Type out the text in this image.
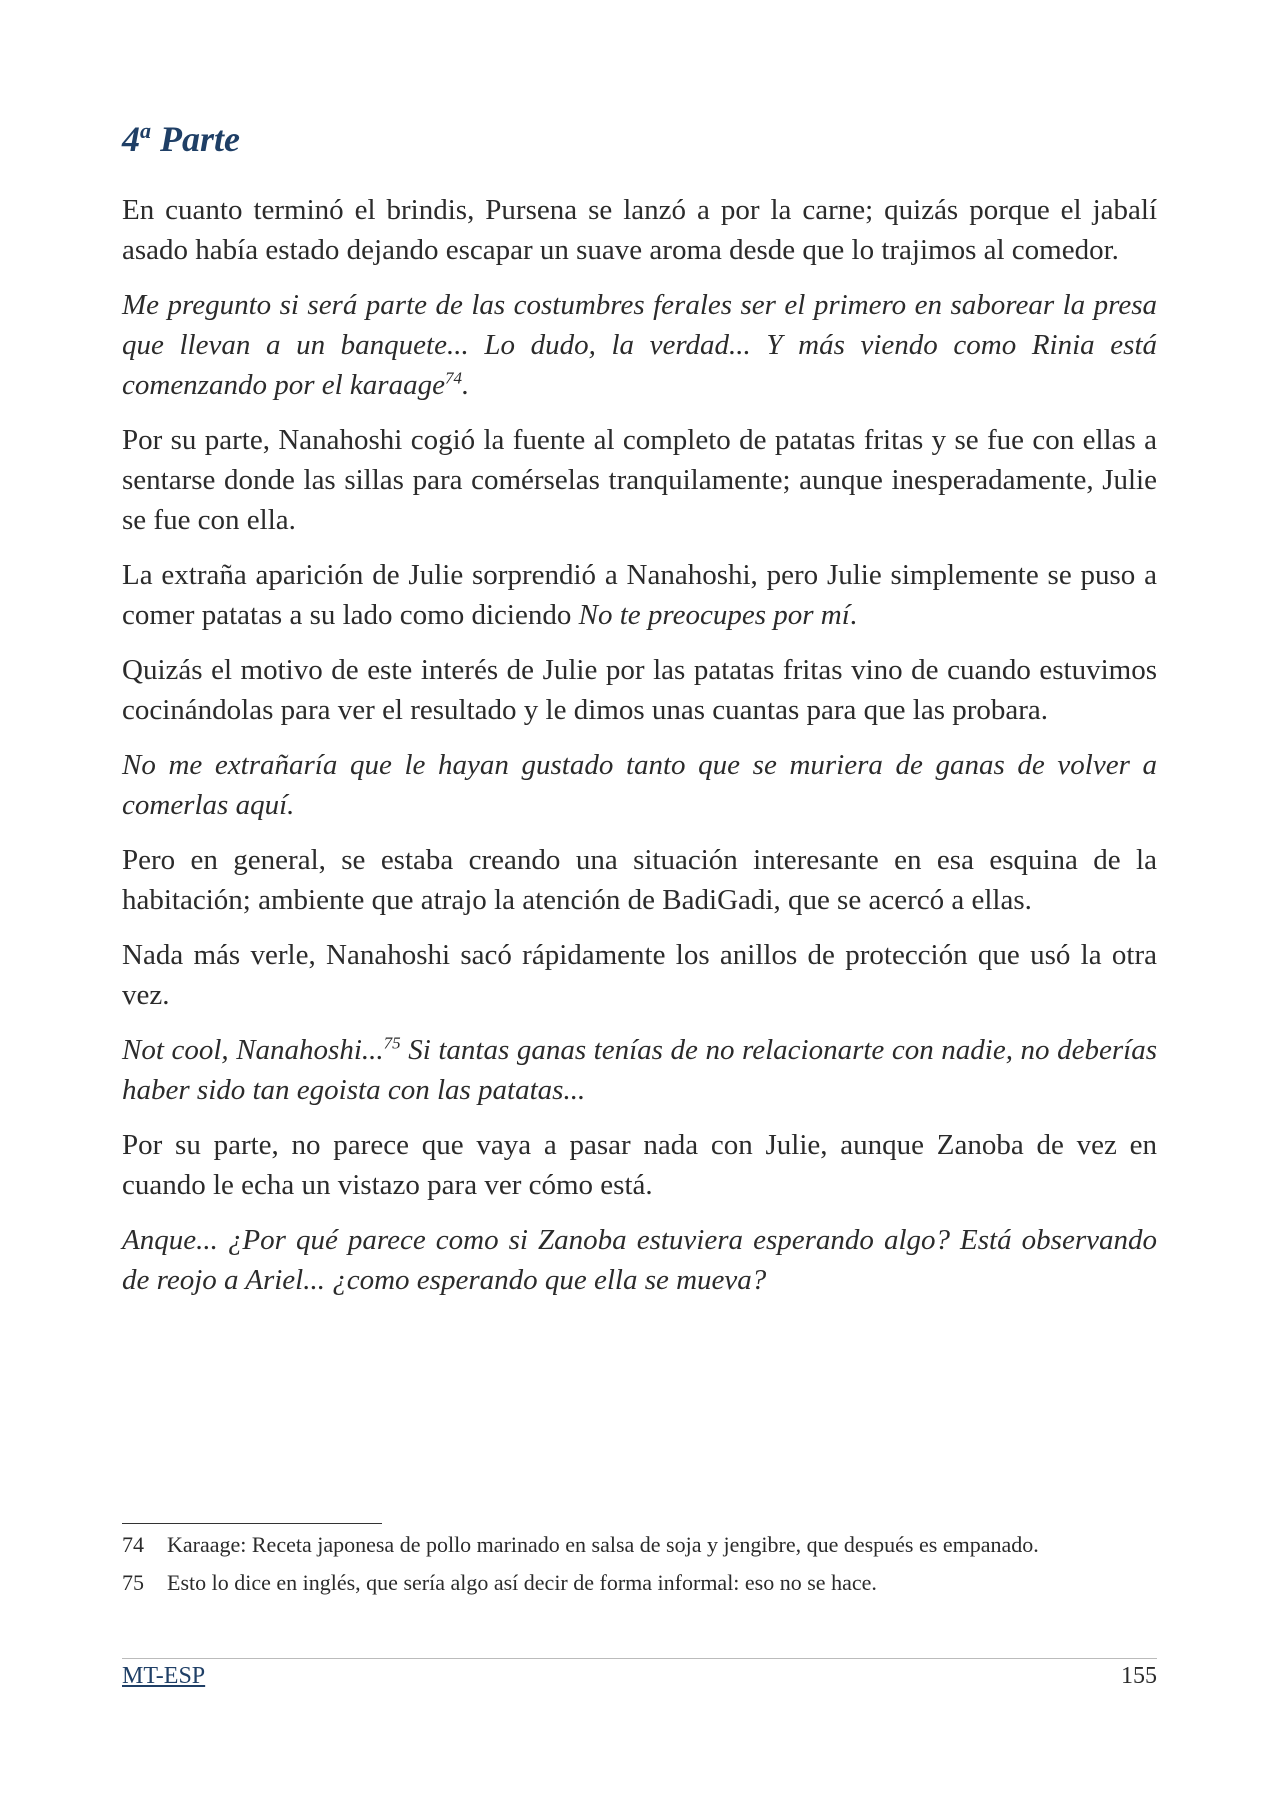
4$^a$ Parte

En cuanto terminó el brindis, Pursena se lanzó a por la carne; quizás porque el jabalí asado había estado dejando escapar un suave aroma desde que lo trajimos al comedor.

Me pregunto si será parte de las costumbres ferales ser el primero en saborear la presa que llevan a un banquete... Lo dudo, la verdad... Y más viendo como Rinia está comenzando por el karaage$^{74}$.

Por su parte, Nanahoshi cogió la fuente al completo de patatas fritas y se fue con ellas a sentarse donde las sillas para comérselas tranquilamente; aunque inesperadamente, Julie se fue con ella.

La extraña aparición de Julie sorprendió a Nanahoshi, pero Julie simplemente se puso a comer patatas a su lado como diciendo No te preocupes por mí.

Quizás el motivo de este interés de Julie por las patatas fritas vino de cuando estuvimos cocinándolas para ver el resultado y le dimos unas cuantas para que las probara.

No me extrañaría que le hayan gustado tanto que se muriera de ganas de volver a comerlas aquí.

Pero en general, se estaba creando una situación interesante en esa esquina de la habitación; ambiente que atrajo la atención de BadiGadi, que se acercó a ellas.

Nada más verle, Nanahoshi sacó rápidamente los anillos de protección que usó la otra vez.

Not cool, Nanahoshi...$^{75}$ Si tantas ganas tenías de no relacionarte con nadie, no deberías haber sido tan egoista con las patatas...

Por su parte, no parece que vaya a pasar nada con Julie, aunque Zanoba de vez en cuando le echa un vistazo para ver cómo está.

Anque... ¿Por qué parece como si Zanoba estuviera esperando algo? Está observando de reojo a Ariel... ¿como esperando que ella se mueva?

74	Karaage: Receta japonesa de pollo marinado en salsa de soja y jengibre, que después es empanado.
75	Esto lo dice en inglés, que sería algo así decir de forma informal: eso no se hace.
MT-ESP	155
